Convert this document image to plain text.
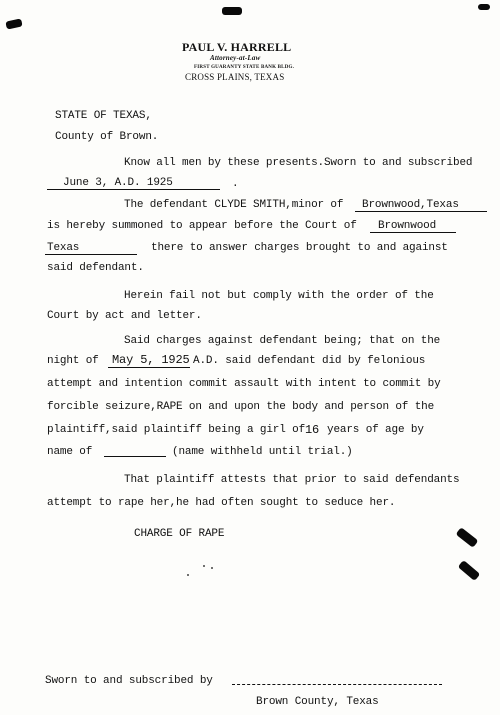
PAUL V. HARRELL
Attorney-at-Law
FIRST GUARANTY STATE BANK BLDG.
CROSS PLAINS, TEXAS
STATE OF TEXAS,
County of Brown.
Know all men by these presents.Sworn to and subscribed
June 3, A.D. 1925	.
The defendant CLYDE SMITH,minor of Brownwood,Texas
is hereby summoned to appear before the Court of Brownwood
Texas	there to answer charges brought to and against
said defendant.
Herein fail not but comply with the order of the
Court by act and letter.
Said charges against defendant being; that on the
night of May 5, 1925 A.D. said defendant did by felonious
attempt and intention commit assault with intent to commit by
forcible seizure,RAPE on and upon the body and person of the
plaintiff,said plaintiff being a girl of 16 years of age by
name of	(name withheld until trial.)
That plaintiff attests that prior to said defendants
attempt to rape her,he had often sought to seduce her.
CHARGE OF RAPE
Sworn to and subscribed by
Brown County, Texas
